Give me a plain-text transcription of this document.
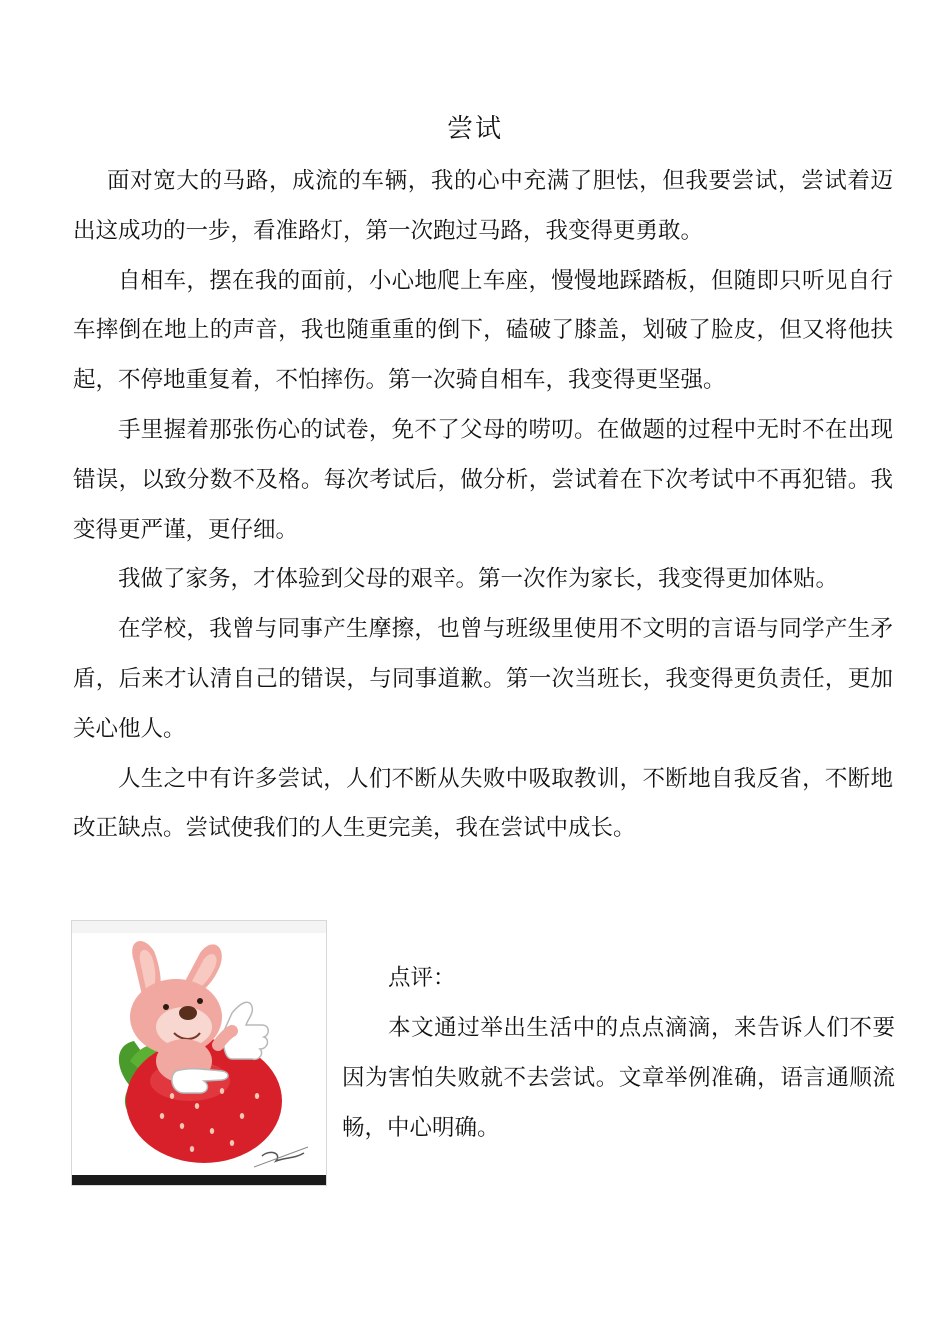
尝试

面对宽大的马路，成流的车辆，我的心中充满了胆怯，但我要尝试，尝试着迈出这成功的一步，看准路灯，第一次跑过马路，我变得更勇敢。

自相车，摆在我的面前，小心地爬上车座，慢慢地踩踏板，但随即只听见自行车摔倒在地上的声音，我也随重重的倒下，磕破了膝盖，划破了脸皮，但又将他扶起，不停地重复着，不怕摔伤。第一次骑自相车，我变得更坚强。

手里握着那张伤心的试卷，免不了父母的唠叨。在做题的过程中无时不在出现错误，以致分数不及格。每次考试后，做分析，尝试着在下次考试中不再犯错。我变得更严谨，更仔细。

我做了家务，才体验到父母的艰辛。第一次作为家长，我变得更加体贴。

在学校，我曾与同事产生摩擦，也曾与班级里使用不文明的言语与同学产生矛盾，后来才认清自己的错误，与同事道歉。第一次当班长，我变得更负责任，更加关心他人。

人生之中有许多尝试，人们不断从失败中吸取教训，不断地自我反省，不断地改正缺点。尝试使我们的人生更完美，我在尝试中成长。

点评：

本文通过举出生活中的点点滴滴，来告诉人们不要因为害怕失败就不去尝试。文章举例准确，语言通顺流畅，中心明确。
